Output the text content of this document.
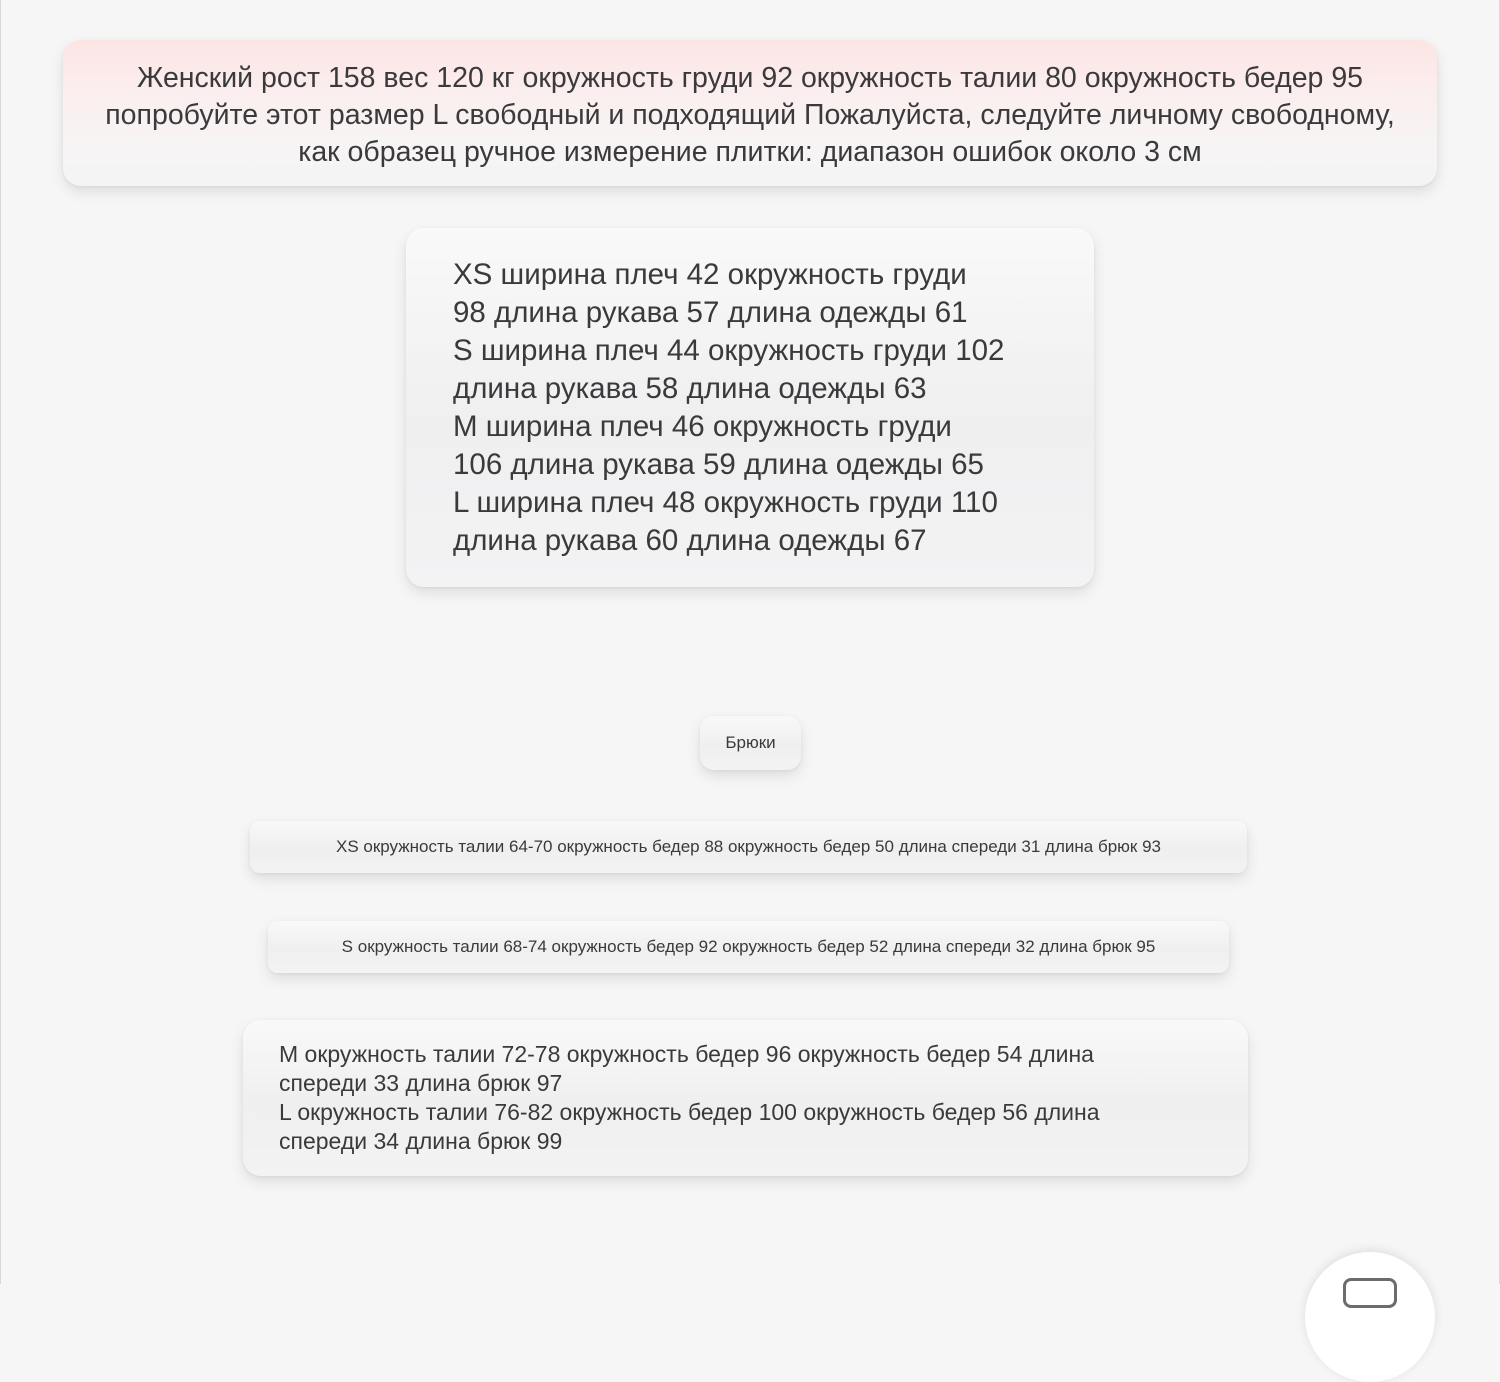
Женский рост 158 вес 120 кг окружность груди 92 окружность талии 80 окружность бедер 95 попробуйте этот размер L свободный и подходящий Пожалуйста, следуйте личному свободному, как образец ручное измерение плитки: диапазон ошибок около 3 см
XS ширина плеч 42 окружность груди
98 длина рукава 57 длина одежды 61
S ширина плеч 44 окружность груди 102
длина рукава 58 длина одежды 63
M ширина плеч 46 окружность груди
106 длина рукава 59 длина одежды 65
L ширина плеч 48 окружность груди 110
длина рукава 60 длина одежды 67
Брюки
XS окружность талии 64-70 окружность бедер 88 окружность бедер 50 длина спереди 31 длина брюк 93
S окружность талии 68-74 окружность бедер 92 окружность бедер 52 длина спереди 32 длина брюк 95
M окружность талии 72-78 окружность бедер 96 окружность бедер 54 длина
спереди 33 длина брюк 97
L окружность талии 76-82 окружность бедер 100 окружность бедер 56 длина
спереди 34 длина брюк 99
